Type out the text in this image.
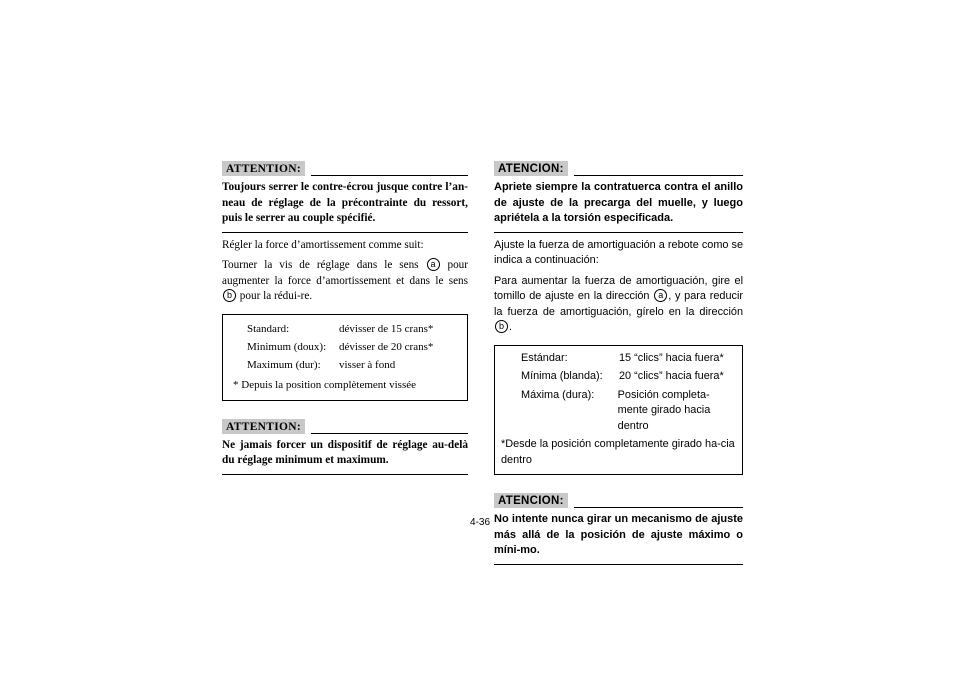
ATTENTION:
Toujours serrer le contre-écrou jusque contre l’an-neau de réglage de la précontrainte du ressort, puis le serrer au couple spécifié.

Régler la force d’amortissement comme suit:

Tourner la vis de réglage dans le sens a pour augmenter la force d’amortissement et dans le sens b pour la rédui-re.

Standard:	dévisser de 15 crans*
Minimum (doux):	dévisser de 20 crans*
Maximum (dur):	visser à fond
* Depuis la position complètement vissée
ATTENTION:
Ne jamais forcer un dispositif de réglage au-delà du réglage minimum et maximum.
ATENCION:
Apriete siempre la contratuerca contra el anillo de ajuste de la precarga del muelle, y luego apriétela a la torsión especificada.

Ajuste la fuerza de amortiguación a rebote como se indica a continuación:

Para aumentar la fuerza de amortiguación, gire el tomillo de ajuste en la dirección a , y para reducir la fuerza de amortiguación, gírelo en la dirección b .

Estándar:	15 “clics” hacia fuera*
Mínima (blanda):	20 “clics” hacia fuera*
Máxima (dura):	Posición completa-mente girado hacia dentro
*Desde la posición completamente girado ha-cia dentro
ATENCION:
No intente nunca girar un mecanismo de ajuste más allá de la posición de ajuste máximo o míni-mo.
4-36
